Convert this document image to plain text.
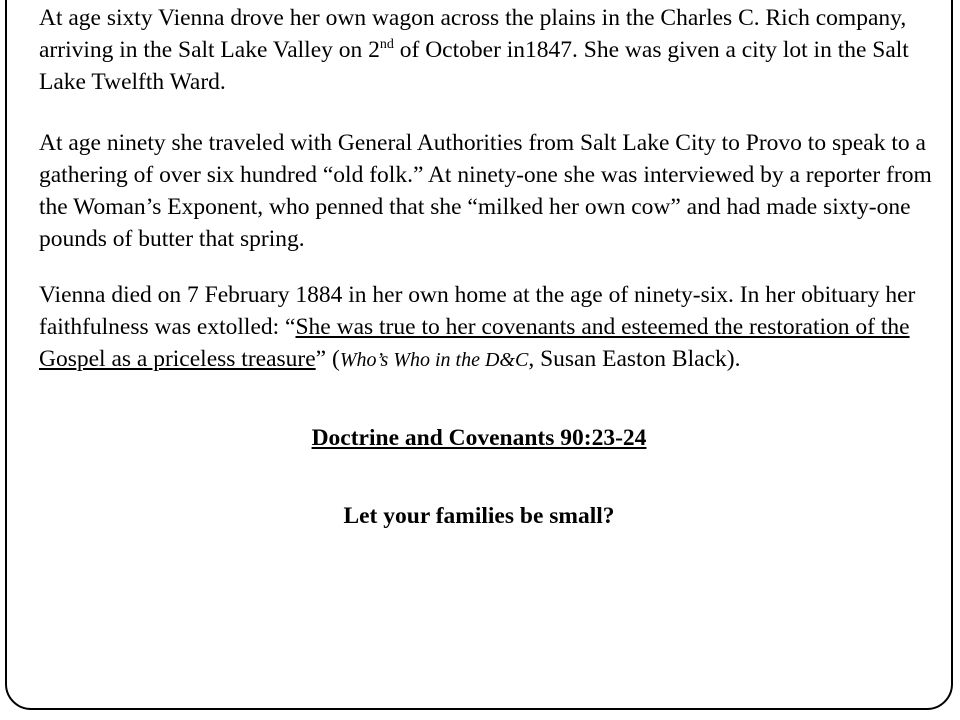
At age sixty Vienna drove her own wagon across the plains in the Charles C. Rich company, arriving in the Salt Lake Valley on 2nd of October in1847. She was given a city lot in the Salt Lake Twelfth Ward.

At age ninety she traveled with General Authorities from Salt Lake City to Provo to speak to a gathering of over six hundred “old folk.” At ninety-one she was interviewed by a reporter from the Woman’s Exponent, who penned that she “milked her own cow” and had made sixty-one pounds of butter that spring.

Vienna died on 7 February 1884 in her own home at the age of ninety-six. In her obituary her faithfulness was extolled: “She was true to her covenants and esteemed the restoration of the Gospel as a priceless treasure” (Who’s Who in the D&C, Susan Easton Black).

Doctrine and Covenants 90:23-24

Let your families be small?
